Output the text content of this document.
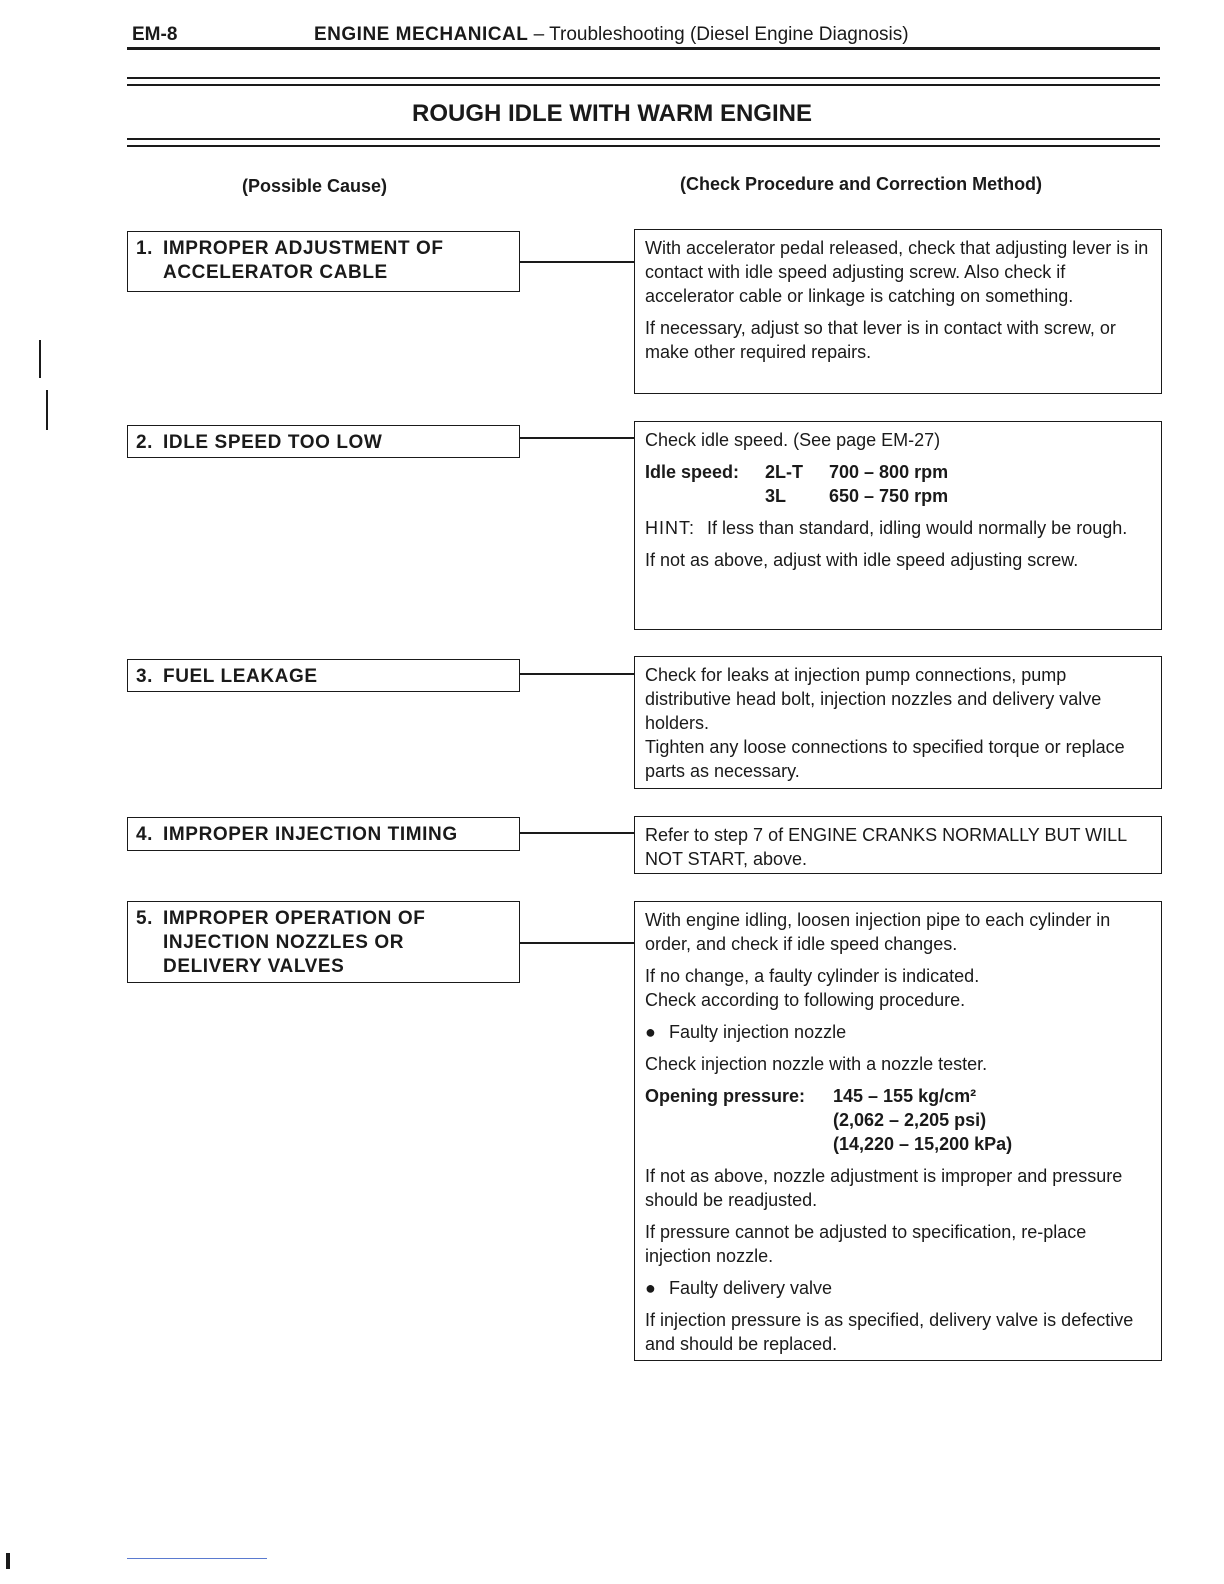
EM-8	ENGINE MECHANICAL – Troubleshooting (Diesel Engine Diagnosis)
ROUGH IDLE WITH WARM ENGINE
(Possible Cause)	(Check Procedure and Correction Method)
1. IMPROPER ADJUSTMENT OF
ACCELERATOR CABLE

With accelerator pedal released, check that adjusting lever is in contact with idle speed adjusting screw. Also check if accelerator cable or linkage is catching on something.

If necessary, adjust so that lever is in contact with screw, or make other required repairs.

2. IDLE SPEED TOO LOW	Check idle speed. (See page EM-27)

Idle speed:	2L-T	700 – 800 rpm
	3L	650 – 750 rpm

HINT: If less than standard, idling would normally be rough.

If not as above, adjust with idle speed adjusting screw.

3. FUEL LEAKAGE	Check for leaks at injection pump connections, pump distributive head bolt, injection nozzles and delivery valve holders.

Tighten any loose connections to specified torque or replace parts as necessary.

4. IMPROPER INJECTION TIMING	Refer to step 7 of ENGINE CRANKS NORMALLY BUT WILL NOT START, above.

5. IMPROPER OPERATION OF
INJECTION NOZZLES OR
DELIVERY VALVES

With engine idling, loosen injection pipe to each cylinder in order, and check if idle speed changes.

If no change, a faulty cylinder is indicated.

Check according to following procedure.

● Faulty injection nozzle

Check injection nozzle with a nozzle tester.

Opening pressure:	145 – 155 kg/cm²
(2,062 – 2,205 psi)
(14,220 – 15,200 kPa)

If not as above, nozzle adjustment is improper and pressure should be readjusted.

If pressure cannot be adjusted to specification, re-place injection nozzle.

● Faulty delivery valve

If injection pressure is as specified, delivery valve is defective and should be replaced.
